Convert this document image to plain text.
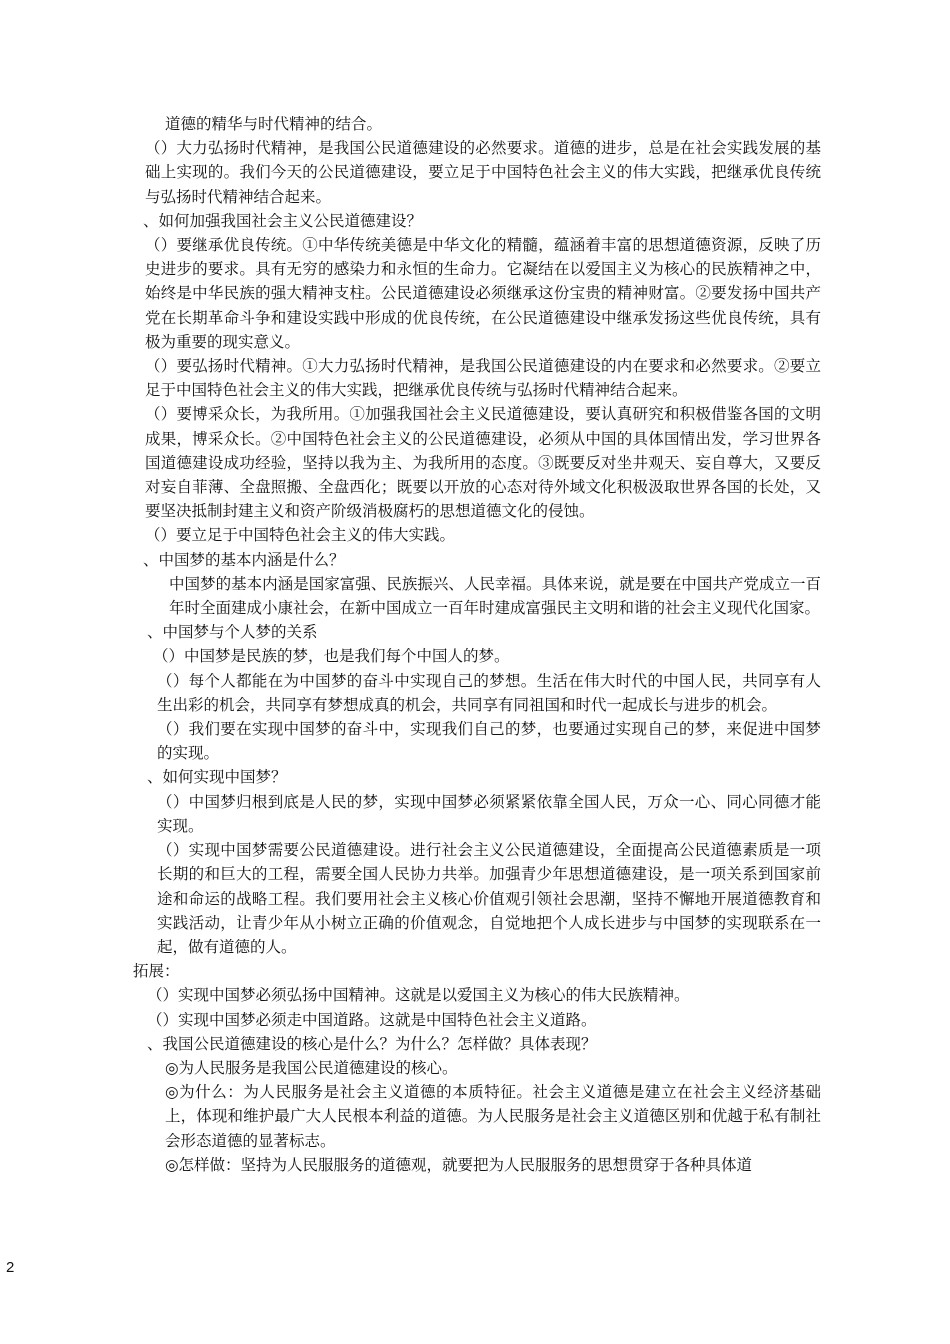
道德的精华与时代精神的结合。

（）大力弘扬时代精神，是我国公民道德建设的必然要求。道德的进步，总是在社会实践发展的基础上实现的。我们今天的公民道德建设，要立足于中国特色社会主义的伟大实践，把继承优良传统与弘扬时代精神结合起来。

、如何加强我国社会主义公民道德建设？

（）要继承优良传统。①中华传统美德是中华文化的精髓，蕴涵着丰富的思想道德资源，反映了历史进步的要求。具有无穷的感染力和永恒的生命力。它凝结在以爱国主义为核心的民族精神之中，始终是中华民族的强大精神支柱。公民道德建设必须继承这份宝贵的精神财富。②要发扬中国共产党在长期革命斗争和建设实践中形成的优良传统，在公民道德建设中继承发扬这些优良传统，具有极为重要的现实意义。

（）要弘扬时代精神。①大力弘扬时代精神，是我国公民道德建设的内在要求和必然要求。②要立足于中国特色社会主义的伟大实践，把继承优良传统与弘扬时代精神结合起来。

（）要博采众长，为我所用。①加强我国社会主义民道德建设，要认真研究和积极借鉴各国的文明成果，博采众长。②中国特色社会主义的公民道德建设，必须从中国的具体国情出发，学习世界各国道德建设成功经验，坚持以我为主、为我所用的态度。③既要反对坐井观天、妄自尊大，又要反对妄自菲薄、全盘照搬、全盘西化；既要以开放的心态对待外域文化积极汲取世界各国的长处，又要坚决抵制封建主义和资产阶级消极腐朽的思想道德文化的侵蚀。

（）要立足于中国特色社会主义的伟大实践。

、中国梦的基本内涵是什么？

中国梦的基本内涵是国家富强、民族振兴、人民幸福。具体来说，就是要在中国共产党成立一百年时全面建成小康社会，在新中国成立一百年时建成富强民主文明和谐的社会主义现代化国家。

、中国梦与个人梦的关系

（）中国梦是民族的梦，也是我们每个中国人的梦。

（）每个人都能在为中国梦的奋斗中实现自己的梦想。生活在伟大时代的中国人民，共同享有人生出彩的机会，共同享有梦想成真的机会，共同享有同祖国和时代一起成长与进步的机会。

（）我们要在实现中国梦的奋斗中，实现我们自己的梦，也要通过实现自己的梦，来促进中国梦的实现。

、如何实现中国梦？

（）中国梦归根到底是人民的梦，实现中国梦必须紧紧依靠全国人民，万众一心、同心同德才能实现。

（）实现中国梦需要公民道德建设。进行社会主义公民道德建设，全面提高公民道德素质是一项长期的和巨大的工程，需要全国人民协力共举。加强青少年思想道德建设，是一项关系到国家前途和命运的战略工程。我们要用社会主义核心价值观引领社会思潮，坚持不懈地开展道德教育和实践活动，让青少年从小树立正确的价值观念，自觉地把个人成长进步与中国梦的实现联系在一起，做有道德的人。

拓展：

（）实现中国梦必须弘扬中国精神。这就是以爱国主义为核心的伟大民族精神。

（）实现中国梦必须走中国道路。这就是中国特色社会主义道路。

、我国公民道德建设的核心是什么？为什么？怎样做？具体表现？

◎为人民服务是我国公民道德建设的核心。

◎为什么：为人民服务是社会主义道德的本质特征。社会主义道德是建立在社会主义经济基础上，体现和维护最广大人民根本利益的道德。为人民服务是社会主义道德区别和优越于私有制社会形态道德的显著标志。

◎怎样做：坚持为人民服服务的道德观，就要把为人民服服务的思想贯穿于各种具体道

2
